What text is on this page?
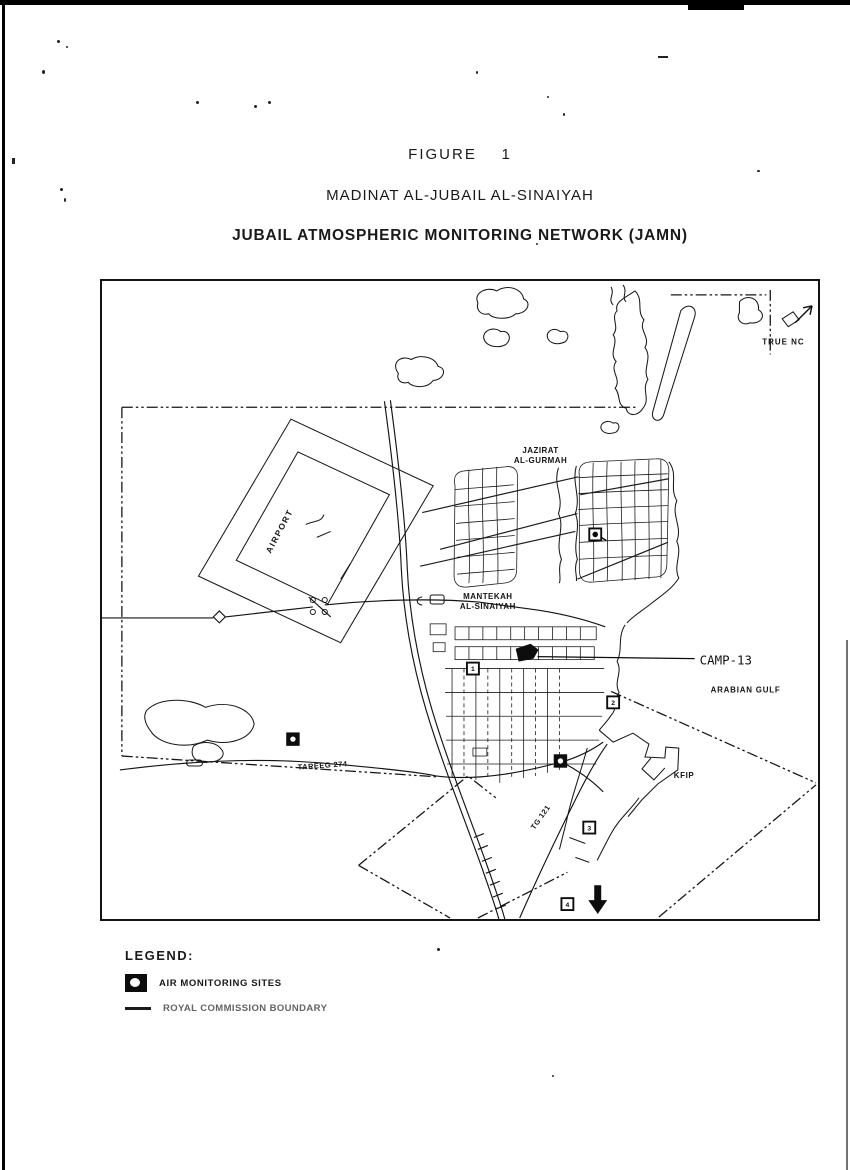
FIGURE    1
MADINAT AL-JUBAIL AL-SINAIYAH
JUBAIL ATMOSPHERIC MONITORING NETWORK (JAMN)
CAMP-13
1
2
3
4
TRUE NC
JAZIRAT
AL-GURMAH
MANTEKAH
AL-SINAIYAH
AIRPORT
ARABIAN GULF
KFIP
TAREEG 274
TG 121
LEGEND:
AIR MONITORING SITES
ROYAL COMMISSION BOUNDARY
